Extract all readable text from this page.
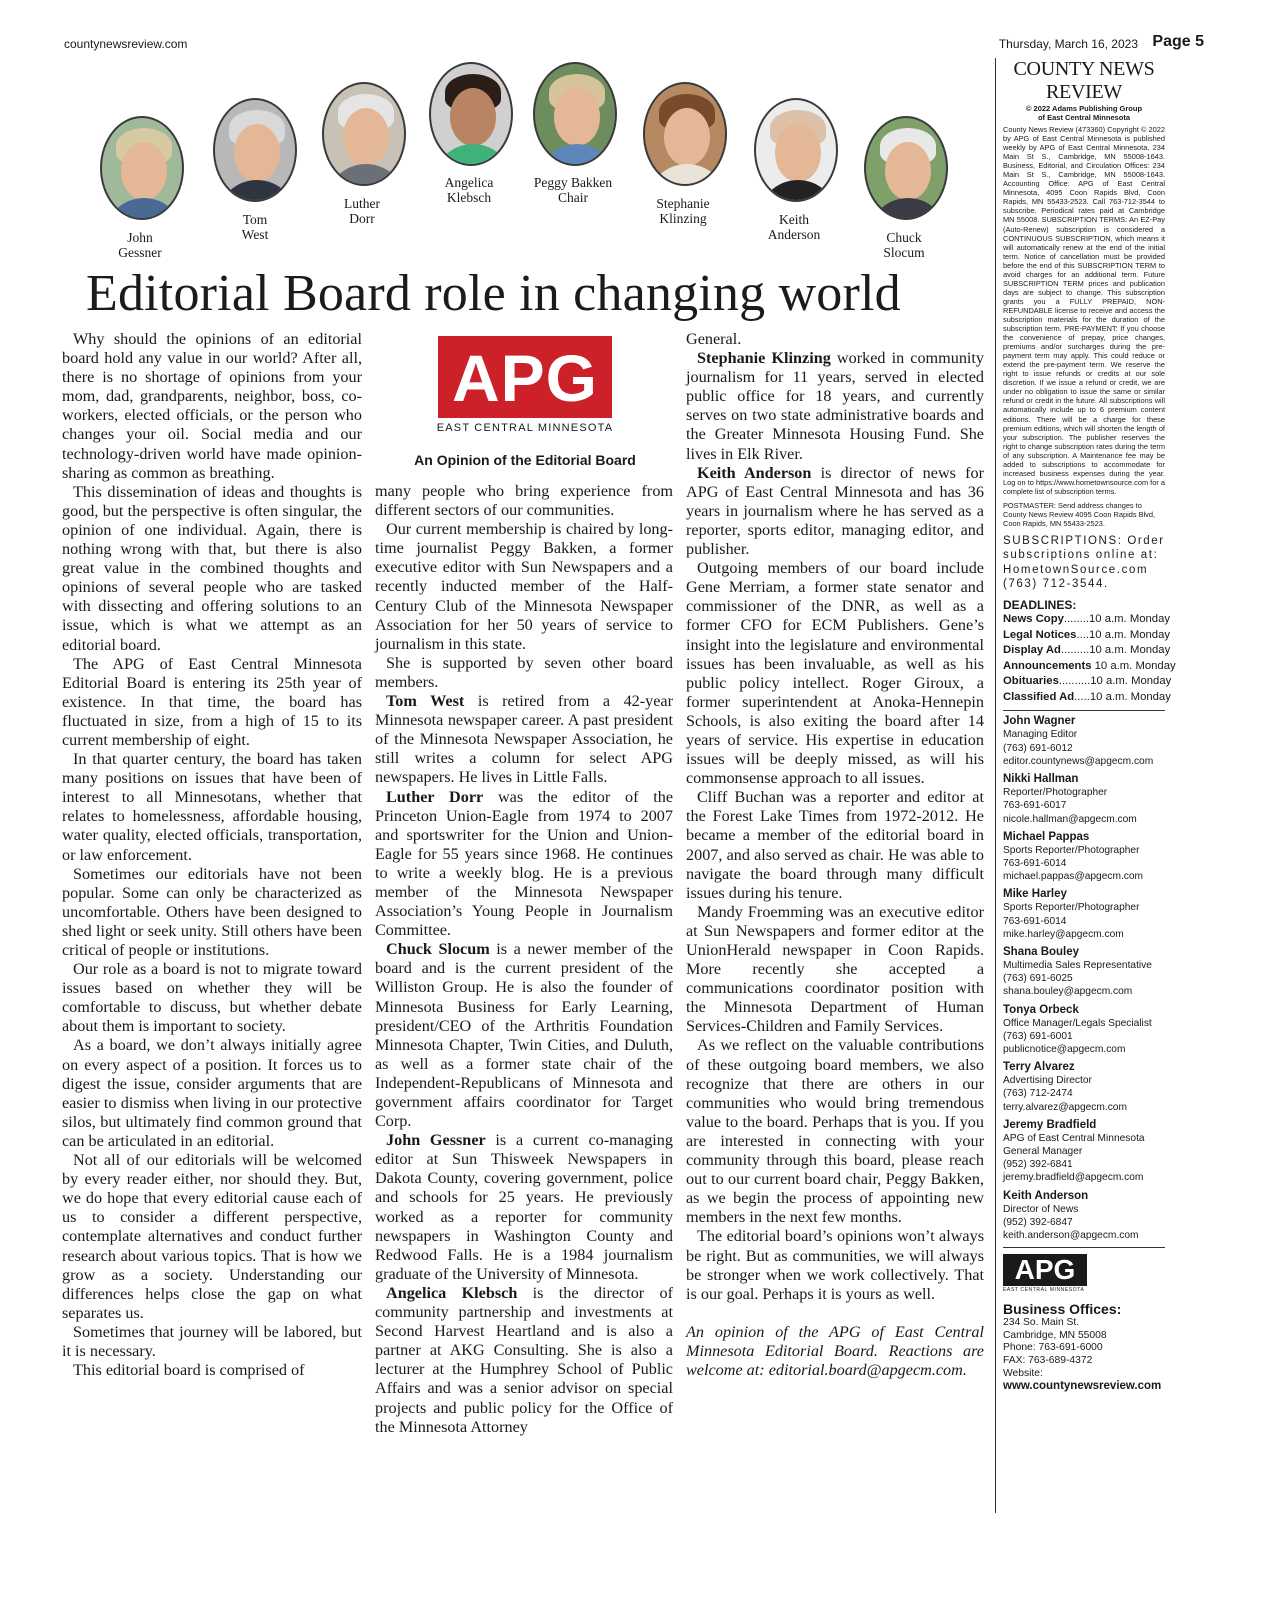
countynewsreview.com	Thursday, March 16, 2023 Page 5
John
Gessner
Tom
West
Luther
Dorr
Angelica
Klebsch
Peggy Bakken
Chair	Stephanie
Klinzing	Keith
Anderson	Chuck
Slocum
Editorial Board role in changing world
APG
EAST CENTRAL MINNESOTA
An Opinion of the Editorial Board

Why should the opinions of an editorial board hold any value in our world? After all, there is no shortage of opinions from your mom, dad, grandparents, neighbor, boss, co-workers, elected officials, or the person who changes your oil. Social media and our technology-driven world have made opinion-sharing as common as breathing.

This dissemination of ideas and thoughts is good, but the perspective is often singular, the opinion of one individual. Again, there is nothing wrong with that, but there is also great value in the combined thoughts and opinions of several people who are tasked with dissecting and offering solutions to an issue, which is what we attempt as an editorial board.

The APG of East Central Minnesota Editorial Board is entering its 25th year of existence. In that time, the board has fluctuated in size, from a high of 15 to its current membership of eight.

In that quarter century, the board has taken many positions on issues that have been of interest to all Minnesotans, whether that relates to homelessness, affordable housing, water quality, elected officials, transportation, or law enforcement.

Sometimes our editorials have not been popular. Some can only be characterized as uncomfortable. Others have been designed to shed light or seek unity. Still others have been critical of people or institutions.

Our role as a board is not to migrate toward issues based on whether they will be comfortable to discuss, but whether debate about them is important to society.

As a board, we don’t always initially agree on every aspect of a position. It forces us to digest the issue, consider arguments that are easier to dismiss when living in our protective silos, but ultimately find common ground that can be articulated in an editorial.

Not all of our editorials will be welcomed by every reader either, nor should they. But, we do hope that every editorial cause each of us to consider a different perspective, contemplate alternatives and conduct further research about various topics. That is how we grow as a society. Understanding our differences helps close the gap on what separates us.

Sometimes that journey will be labored, but it is necessary.

This editorial board is comprised of

many people who bring experience from different sectors of our communities.

Our current membership is chaired by long-time journalist Peggy Bakken, a former executive editor with Sun Newspapers and a recently inducted member of the Half-Century Club of the Minnesota Newspaper Association for her 50 years of service to journalism in this state.

She is supported by seven other board members.

Tom West is retired from a 42-year Minnesota newspaper career. A past president of the Minnesota Newspaper Association, he still writes a column for select APG newspapers. He lives in Little Falls.

Luther Dorr was the editor of the Princeton Union-Eagle from 1974 to 2007 and sportswriter for the Union and Union-Eagle for 55 years since 1968. He continues to write a weekly blog. He is a previous member of the Minnesota Newspaper Association’s Young People in Journalism Committee.

Chuck Slocum is a newer member of the board and is the current president of the Williston Group. He is also the founder of Minnesota Business for Early Learning, president/CEO of the Arthritis Foundation Minnesota Chapter, Twin Cities, and Duluth, as well as a former state chair of the Independent-Republicans of Minnesota and government affairs coordinator for Target Corp.

John Gessner is a current co-managing editor at Sun Thisweek Newspapers in Dakota County, covering government, police and schools for 25 years. He previously worked as a reporter for community newspapers in Washington County and Redwood Falls. He is a 1984 journalism graduate of the University of Minnesota.

Angelica Klebsch is the director of community partnership and investments at Second Harvest Heartland and is also a partner at AKG Consulting. She is also a lecturer at the Humphrey School of Public Affairs and was a senior advisor on special projects and public policy for the Office of the Minnesota Attorney

General.

Stephanie Klinzing worked in community journalism for 11 years, served in elected public office for 18 years, and currently serves on two state administrative boards and the Greater Minnesota Housing Fund. She lives in Elk River.

Keith Anderson is director of news for APG of East Central Minnesota and has 36 years in journalism where he has served as a reporter, sports editor, managing editor, and publisher.

Outgoing members of our board include Gene Merriam, a former state senator and commissioner of the DNR, as well as a former CFO for ECM Publishers. Gene’s insight into the legislature and environmental issues has been invaluable, as well as his public policy intellect. Roger Giroux, a former superintendent at Anoka-Hennepin Schools, is also exiting the board after 14 years of service. His expertise in education issues will be deeply missed, as will his commonsense approach to all issues.

Cliff Buchan was a reporter and editor at the Forest Lake Times from 1972-2012. He became a member of the editorial board in 2007, and also served as chair. He was able to navigate the board through many difficult issues during his tenure.

Mandy Froemming was an executive editor at Sun Newspapers and former editor at the UnionHerald newspaper in Coon Rapids. More recently she accepted a communications coordinator position with the Minnesota Department of Human Services-Children and Family Services.

As we reflect on the valuable contributions of these outgoing board members, we also recognize that there are others in our communities who would bring tremendous value to the board. Perhaps that is you. If you are interested in connecting with your community through this board, please reach out to our current board chair, Peggy Bakken, as we begin the process of appointing new members in the next few months.

The editorial board’s opinions won’t always be right. But as communities, we will always be stronger when we work collectively. That is our goal. Perhaps it is yours as well.

An opinion of the APG of East Central Minnesota Editorial Board. Reactions are welcome at: editorial.board@apgecm.com.

COUNTY NEWS REVIEW
© 2022 Adams Publishing Group
of East Central Minnesota
County News Review (473360) Copyright © 2022 by APG of East Central Minnesota is published weekly by APG of East Central Minnesota, 234 Main St S., Cambridge, MN 55008-1643. Business, Editorial, and Circulation Offices: 234 Main St S., Cambridge, MN 55008-1643. Accounting Office: APG of East Central Minnesota, 4095 Coon Rapids Blvd, Coon Rapids, MN 55433-2523. Call 763-712-3544 to subscribe. Periodical rates paid at Cambridge MN 55008. SUBSCRIPTION TERMS: An EZ-Pay (Auto-Renew) subscription is considered a CONTINUOUS SUBSCRIPTION, which means it will automatically renew at the end of the initial term. Notice of cancellation must be provided before the end of this SUBSCRIPTION TERM to avoid charges for an additional term. Future SUBSCRIPTION TERM prices and publication days are subject to change. This subscription grants you a FULLY PREPAID, NON-REFUNDABLE license to receive and access the subscription materials for the duration of the subscription term. PRE-PAYMENT: If you choose the convenience of prepay, price changes, premiums and/or surcharges during the pre-payment term may apply. This could reduce or extend the pre-payment term. We reserve the right to issue refunds or credits at our sole discretion. If we issue a refund or credit, we are under no obligation to issue the same or similar refund or credit in the future. All subscriptions will automatically include up to 6 premium content editions. There will be a charge for these premium editions, which will shorten the length of your subscription. The publisher reserves the right to change subscription rates during the term of any subscription. A Maintenance fee may be added to subscriptions to accommodate for increased business expenses during the year. Log on to https://www.hometownsource.com for a complete list of subscription terms.
POSTMASTER: Send address changes to County News Review 4095 Coon Rapids Blvd, Coon Rapids, MN 55433-2523.
SUBSCRIPTIONS: Order subscriptions online at: HometownSource.com (763) 712-3544.
DEADLINES:
News Copy........10 a.m. Monday
Legal Notices....10 a.m. Monday
Display Ad.........10 a.m. Monday
Announcements 10 a.m. Monday
Obituaries..........10 a.m. Monday
Classified Ad.....10 a.m. Monday
John Wagner
Managing Editor
(763) 691-6012
editor.countynews@apgecm.com
Nikki Hallman
Reporter/Photographer
763-691-6017
nicole.hallman@apgecm.com
Michael Pappas
Sports Reporter/Photographer
763-691-6014
michael.pappas@apgecm.com
Mike Harley
Sports Reporter/Photographer
763-691-6014
mike.harley@apgecm.com
Shana Bouley
Multimedia Sales Representative
(763) 691-6025
shana.bouley@apgecm.com
Tonya Orbeck
Office Manager/Legals Specialist
(763) 691-6001
publicnotice@apgecm.com
Terry Alvarez
Advertising Director
(763) 712-2474
terry.alvarez@apgecm.com
Jeremy Bradfield
APG of East Central Minnesota
General Manager
(952) 392-6841
jeremy.bradfield@apgecm.com
Keith Anderson
Director of News
(952) 392-6847
keith.anderson@apgecm.com
APG
EAST CENTRAL MINNESOTA
Business Offices:
234 So. Main St.
Cambridge, MN 55008
Phone: 763-691-6000
FAX: 763-689-4372
Website:
www.countynewsreview.com
